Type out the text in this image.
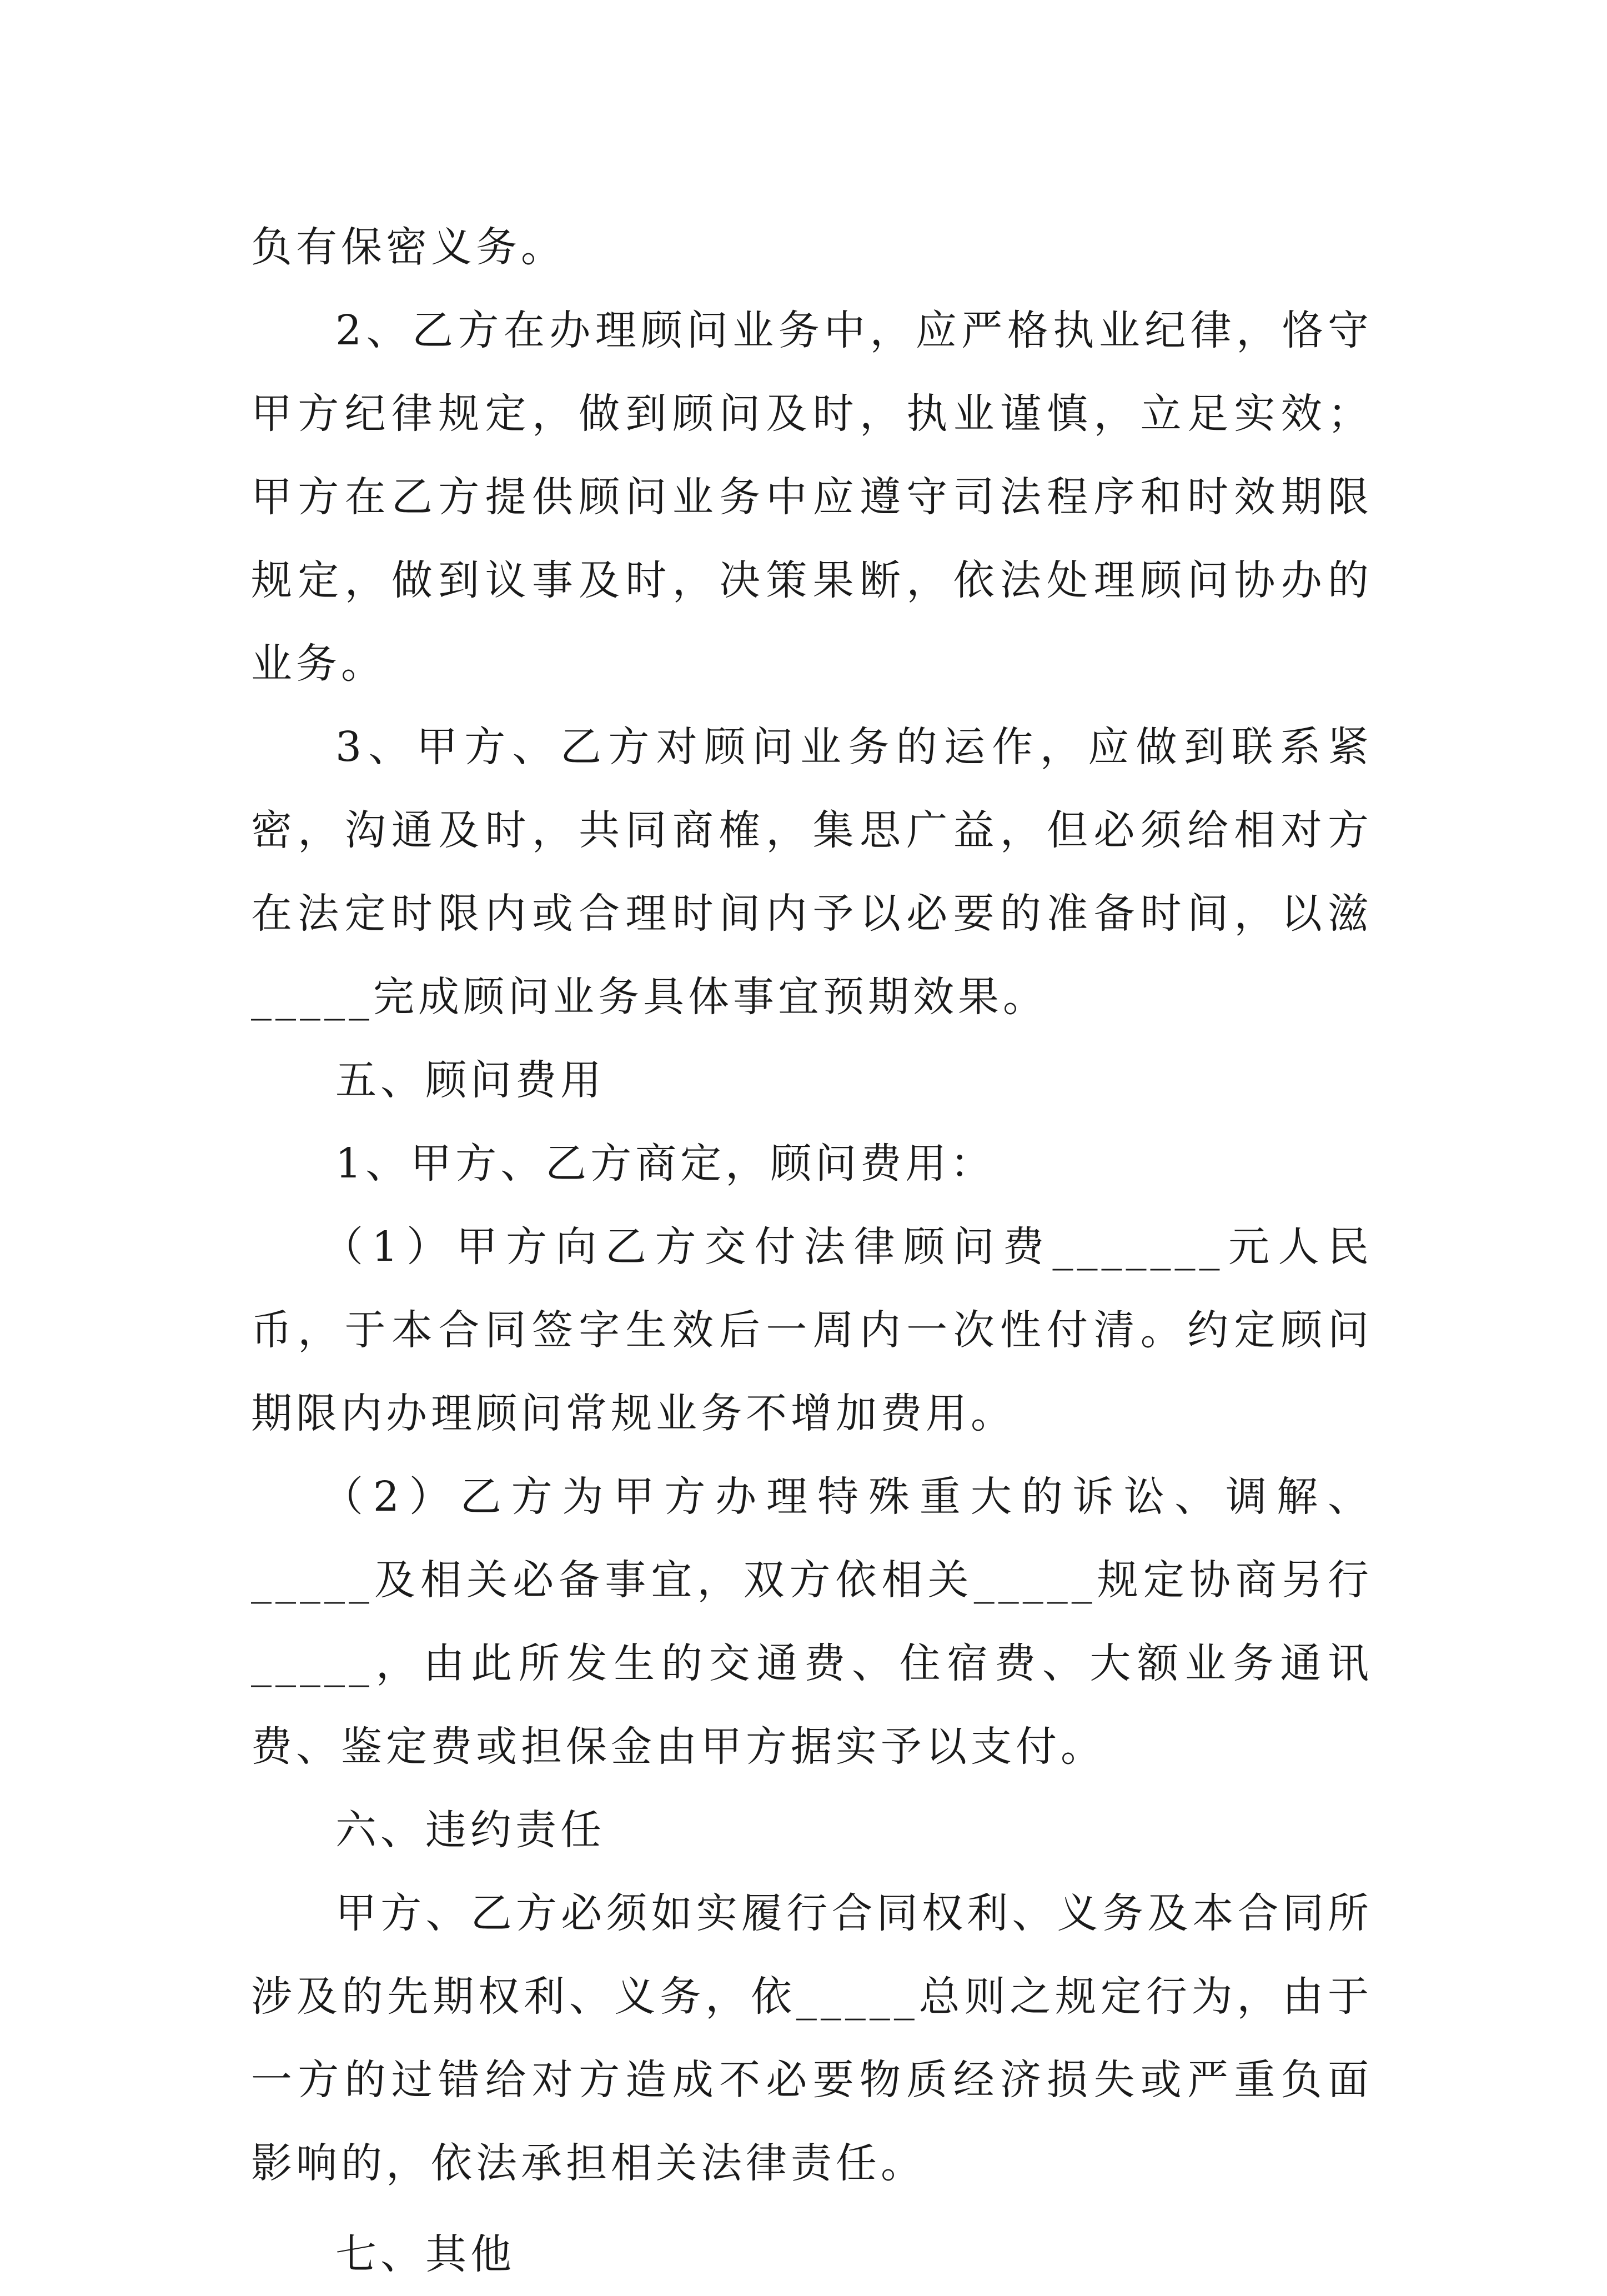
负有保密义务。

2、乙方在办理顾问业务中，应严格执业纪律，恪守甲方纪律规定，做到顾问及时，执业谨慎，立足实效；甲方在乙方提供顾问业务中应遵守司法程序和时效期限规定，做到议事及时，决策果断，依法处理顾问协办的业务。

3、甲方、乙方对顾问业务的运作，应做到联系紧密，沟通及时，共同商榷，集思广益，但必须给相对方在法定时限内或合理时间内予以必要的准备时间，以滋_____完成顾问业务具体事宜预期效果。

五、顾问费用

1、甲方、乙方商定，顾问费用：

（1）甲方向乙方交付法律顾问费_______元人民币，于本合同签字生效后一周内一次性付清。约定顾问期限内办理顾问常规业务不增加费用。

（2）乙方为甲方办理特殊重大的诉讼、调解、_____及相关必备事宜，双方依相关_____规定协商另行_____，由此所发生的交通费、住宿费、大额业务通讯费、鉴定费或担保金由甲方据实予以支付。

六、违约责任

甲方、乙方必须如实履行合同权利、义务及本合同所涉及的先期权利、义务，依_____总则之规定行为，由于一方的过错给对方造成不必要物质经济损失或严重负面影响的，依法承担相关法律责任。

七、其他
